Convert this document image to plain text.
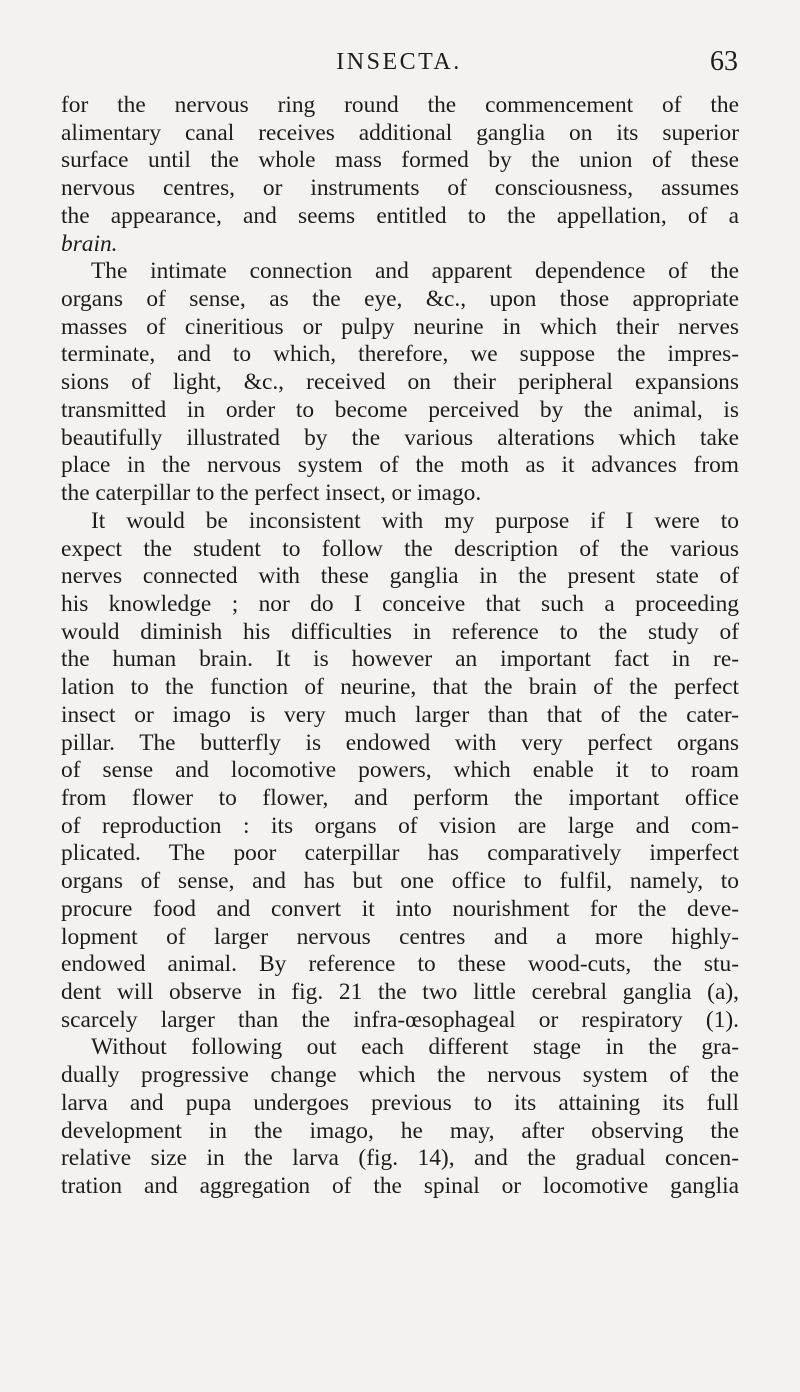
INSECTA.	63
for the nervous ring round the commencement of the
alimentary canal receives additional ganglia on its superior
surface until the whole mass formed by the union of these
nervous centres, or instruments of consciousness, assumes
the appearance, and seems entitled to the appellation, of a
brain.
The intimate connection and apparent dependence of the
organs of sense, as the eye, &c., upon those appropriate
masses of cineritious or pulpy neurine in which their nerves
terminate, and to which, therefore, we suppose the impres-
sions of light, &c., received on their peripheral expansions
transmitted in order to become perceived by the animal, is
beautifully illustrated by the various alterations which take
place in the nervous system of the moth as it advances from
the caterpillar to the perfect insect, or imago.
It would be inconsistent with my purpose if I were to
expect the student to follow the description of the various
nerves connected with these ganglia in the present state of
his knowledge ; nor do I conceive that such a proceeding
would diminish his difficulties in reference to the study of
the human brain. It is however an important fact in re-
lation to the function of neurine, that the brain of the perfect
insect or imago is very much larger than that of the cater-
pillar. The butterfly is endowed with very perfect organs
of sense and locomotive powers, which enable it to roam
from flower to flower, and perform the important office
of reproduction : its organs of vision are large and com-
plicated. The poor caterpillar has comparatively imperfect
organs of sense, and has but one office to fulfil, namely, to
procure food and convert it into nourishment for the deve-
lopment of larger nervous centres and a more highly-
endowed animal. By reference to these wood-cuts, the stu-
dent will observe in fig. 21 the two little cerebral ganglia (a),
scarcely larger than the infra-œsophageal or respiratory (1).
Without following out each different stage in the gra-
dually progressive change which the nervous system of the
larva and pupa undergoes previous to its attaining its full
development in the imago, he may, after observing the
relative size in the larva (fig. 14), and the gradual concen-
tration and aggregation of the spinal or locomotive ganglia
